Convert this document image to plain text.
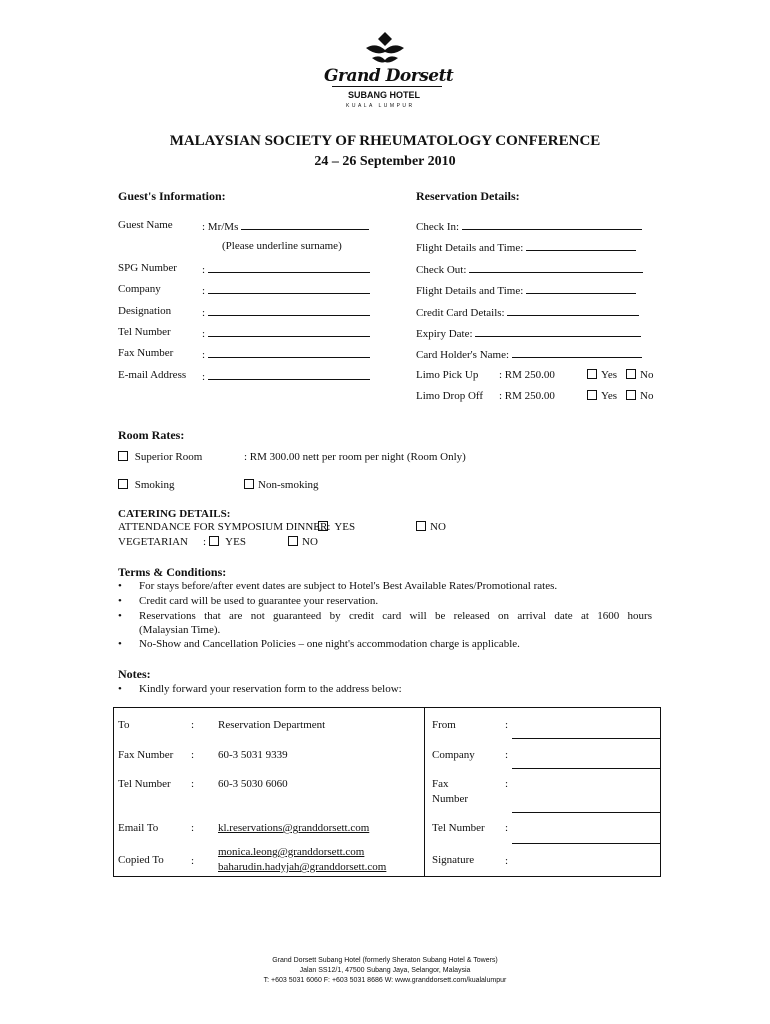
Grand Dorsett
SUBANG HOTEL
KUALA LUMPUR
MALAYSIAN SOCIETY OF RHEUMATOLOGY CONFERENCE
24 – 26 September 2010
Guest's Information:
Guest Name	: Mr/Ms
(Please underline surname)
SPG Number :
Company	:
Designation	:
Tel Number	:
Fax Number	:
E-mail Address :
Reservation Details:
Check In:
Flight Details and Time:
Check Out:
Flight Details and Time:
Credit Card Details:
Expiry Date:
Card Holder's Name:
Limo Pick Up : RM 250.00	Yes	No
Limo Drop Off : RM 250.00	Yes	No
Room Rates:
Superior Room	: RM 300.00 nett per room per night (Room Only)
Smoking	Non-smoking
CATERING DETAILS:
ATTENDANCE FOR SYMPOSIUM DINNER: YES	NO
VEGETARIAN : YES	NO
Terms & Conditions:
• For stays before/after event dates are subject to Hotel's Best Available Rates/Promotional rates.
• Credit card will be used to guarantee your reservation.
• Reservations that are not guaranteed by credit card will be released on arrival date at 1600 hours
(Malaysian Time).
• No-Show and Cancellation Policies – one night's accommodation charge is applicable.
Notes:
• Kindly forward your reservation form to the address below:
To	: Reservation Department
Fax Number : 60-3 5031 9339
Tel Number : 60-3 5030 6060
Email To	: kl.reservations@granddorsett.com
Copied To :
monica.leong@granddorsett.com
baharudin.hadyjah@granddorsett.com
From	:
Company	:
Fax
Number
:
Tel Number :
Signature	:
Grand Dorsett Subang Hotel (formerly Sheraton Subang Hotel & Towers)
Jalan SS12/1, 47500 Subang Jaya, Selangor, Malaysia
T: +603 5031 6060 F: +603 5031 8686 W: www.granddorsett.com/kualalumpur
